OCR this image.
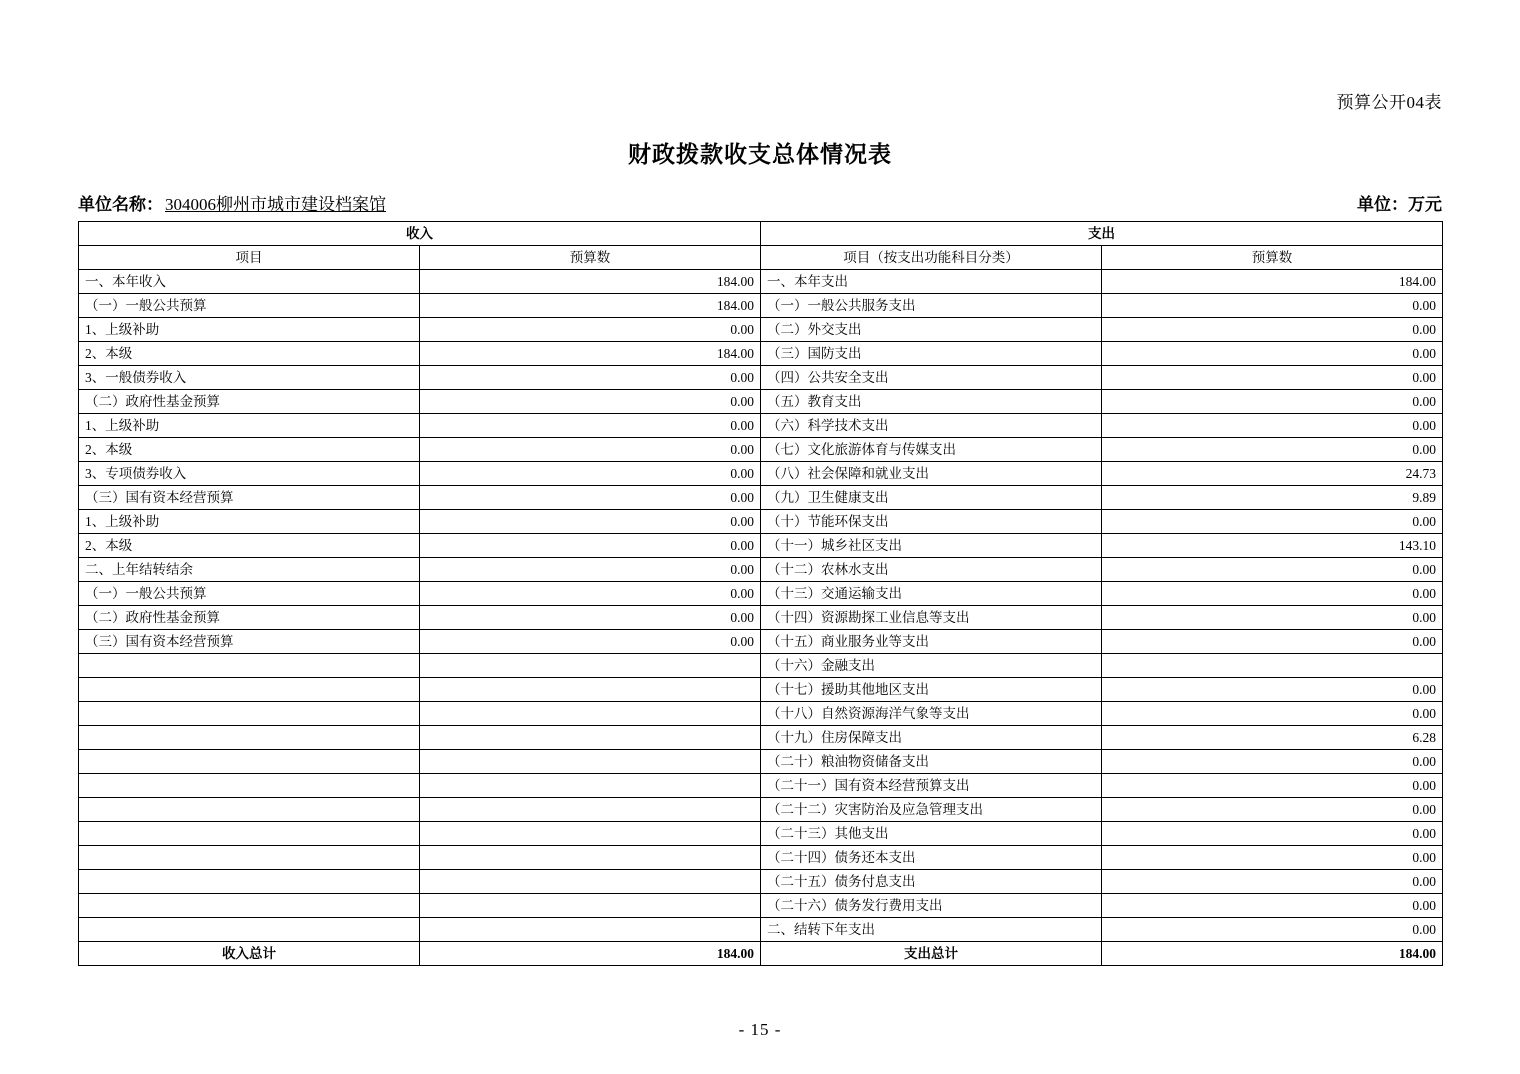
预算公开04表
财政拨款收支总体情况表
单位名称： 304006柳州市城市建设档案馆	单位：万元
收入		支出	
项目	预算数	项目（按支出功能科目分类）	预算数
一、本年收入	184.00	一、本年支出	184.00
（一）一般公共预算	184.00	（一）一般公共服务支出	0.00
1、上级补助	0.00	（二）外交支出	0.00
2、本级	184.00	（三）国防支出	0.00
3、一般债券收入	0.00	（四）公共安全支出	0.00
（二）政府性基金预算	0.00	（五）教育支出	0.00
1、上级补助	0.00	（六）科学技术支出	0.00
2、本级	0.00	（七）文化旅游体育与传媒支出	0.00
3、专项债券收入	0.00	（八）社会保障和就业支出	24.73
（三）国有资本经营预算	0.00	（九）卫生健康支出	9.89
1、上级补助	0.00	（十）节能环保支出	0.00
2、本级	0.00	（十一）城乡社区支出	143.10
二、上年结转结余	0.00	（十二）农林水支出	0.00
（一）一般公共预算	0.00	（十三）交通运输支出	0.00
（二）政府性基金预算	0.00	（十四）资源勘探工业信息等支出	0.00
（三）国有资本经营预算	0.00	（十五）商业服务业等支出	0.00
		（十六）金融支出	
		（十七）援助其他地区支出	0.00
		（十八）自然资源海洋气象等支出	0.00
		（十九）住房保障支出	6.28
		（二十）粮油物资储备支出	0.00
		（二十一）国有资本经营预算支出	0.00
		（二十二）灾害防治及应急管理支出	0.00
		（二十三）其他支出	0.00
		（二十四）债务还本支出	0.00
		（二十五）债务付息支出	0.00
		（二十六）债务发行费用支出	0.00
		二、结转下年支出	0.00
收入总计	184.00	支出总计	184.00
- 15 -
